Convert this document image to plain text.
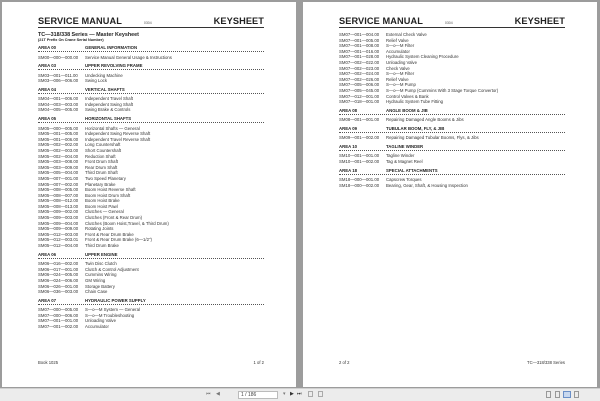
SERVICE MANUAL	0304	KEYSHEET
TC—318/338 Series — Master Keysheet
(21T Prefix On Crane Serial Number)
AREA 00	GENERAL INFORMATION
SM00—000—000.00	Service Manual General Usage & Instructions
AREA 03	UPPER REVOLVING FRAME
SM03—001—011.00	Undecking Machine
SM03—006—006.00	Swing Lock
AREA 04	VERTICAL SHAFTS
SM04—001—006.00	Independent Travel Shaft
SM04—003—003.00	Independent Swing Shaft
SM04—005—005.00	Swing Brake & Controls
AREA 05	HORIZONTAL SHAFTS
SM05—000—005.00	Horizontal Shafts — General
SM05—001—005.00	Independent Swing Reverse Shaft
SM05—001—006.00	Independent Travel Reverse Shaft
SM05—002—002.00	Long Countershaft
SM05—002—003.00	Short Countershaft
SM05—002—004.00	Reduction Shaft
SM05—003—008.00	Front Drum Shaft
SM05—003—009.00	Rear Drum Shaft
SM05—005—004.00	Third Drum Shaft
SM05—007—001.00	Two Speed Planetary
SM05—007—002.00	Planetary Brake
SM05—008—005.00	Boom Hoist Reverse Shaft
SM05—008—007.00	Boom Hoist Drum Shaft
SM05—008—012.00	Boom Hoist Brake
SM05—008—013.00	Boom Hoist Pawl
SM05—009—002.00	Clutches — General
SM05—009—003.00	Clutches (Front & Rear Drum)
SM05—009—004.00	Clutches (Boom Hoist,Travel, & Third Drum)
SM05—009—009.00	Rotating Joints
SM05—012—003.00	Front & Rear Drum Brake
SM05—012—003.01	Front & Rear Drum Brake (6—1/2")
SM05—012—004.00	Third Drum Brake
AREA 06	UPPER ENGINE
SM06—016—002.00	Twin Disc Clutch
SM06—017—001.00	Clutch & Control Adjustment
SM06—024—005.00	Cummins Wiring
SM06—024—006.00	GM Wiring
SM06—026—001.00	Storage Battery
SM06—036—003.00	Chain Case
AREA 07	HYDRAULIC POWER SUPPLY
SM07—000—005.00	S—o—M System — General
SM07—000—006.00	S—o—M Troubleshooting
SM07—001—001.00	Unloading Valve
SM07—001—002.00	Accumulator
Book 1025	1 of 2
SERVICE MANUAL	0304	KEYSHEET
SM07—001—004.00	External Check Valve
SM07—001—005.00	Relief Valve
SM07—001—008.00	S—o—M Filter
SM07—001—016.00	Accumulator
SM07—001—028.00	Hydraulic System Cleaning Procedure
SM07—002—022.00	Unloading Valve
SM07—002—023.00	Check Valve
SM07—002—024.00	S—o—M Filter
SM07—002—026.00	Relief Valve
SM07—005—006.00	S—o—M Pump
SM07—005—045.00	S—o—M Pump (Cummins With 3 Stage Torque Convertor)
SM07—012—001.00	Control Valves & Bank
SM07—018—001.00	Hydraulic System Tube Fitting
AREA 08	ANGLE BOOM & JIB
SM08—001—001.00	Repairing Damaged Angle Booms & Jibs
AREA 09	TUBULAR BOOM, FLY, & JIB
SM09—001—002.00	Repairing Damaged Tubular Booms, Flys, & Jibs
AREA 10	TAGLINE WINDER
SM10—001—001.00	Tagline Winder
SM10—001—002.00	Tag & Magnet Reel
AREA 18	SPECIAL ATTACHMENTS
SM18—000—001.00	Capscrew Torques
SM18—000—002.00	Bearing, Gear, Shaft, & Housing Inspection
2 of 2	TC—318/338 Series
⏮ ◀	1 / 186	▾ ▶ ⏭
